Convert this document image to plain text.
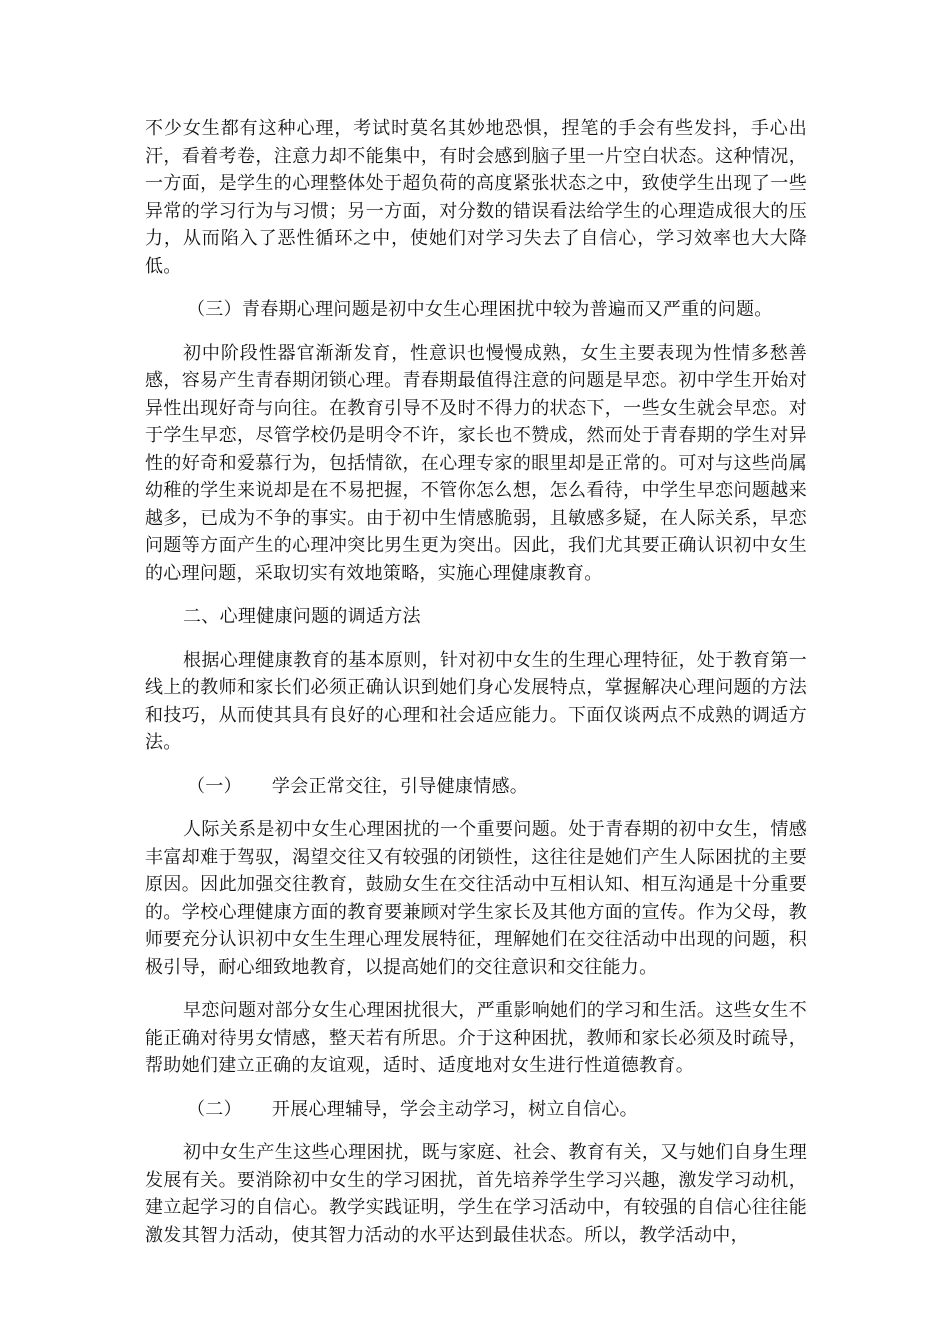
不少女生都有这种心理，考试时莫名其妙地恐惧，捏笔的手会有些发抖，手心出汗，看着考卷，注意力却不能集中，有时会感到脑子里一片空白状态。这种情况，一方面，是学生的心理整体处于超负荷的高度紧张状态之中，致使学生出现了一些异常的学习行为与习惯；另一方面，对分数的错误看法给学生的心理造成很大的压力，从而陷入了恶性循环之中，使她们对学习失去了自信心，学习效率也大大降低。

（三）青春期心理问题是初中女生心理困扰中较为普遍而又严重的问题。

初中阶段性器官渐渐发育，性意识也慢慢成熟，女生主要表现为性情多愁善感，容易产生青春期闭锁心理。青春期最值得注意的问题是早恋。初中学生开始对异性出现好奇与向往。在教育引导不及时不得力的状态下，一些女生就会早恋。对于学生早恋，尽管学校仍是明令不许，家长也不赞成，然而处于青春期的学生对异性的好奇和爱慕行为，包括情欲，在心理专家的眼里却是正常的。可对与这些尚属幼稚的学生来说却是在不易把握，不管你怎么想，怎么看待，中学生早恋问题越来越多，已成为不争的事实。由于初中生情感脆弱，且敏感多疑，在人际关系，早恋问题等方面产生的心理冲突比男生更为突出。因此，我们尤其要正确认识初中女生的心理问题，采取切实有效地策略，实施心理健康教育。

二、心理健康问题的调适方法

根据心理健康教育的基本原则，针对初中女生的生理心理特征，处于教育第一线上的教师和家长们必须正确认识到她们身心发展特点，掌握解决心理问题的方法和技巧，从而使其具有良好的心理和社会适应能力。下面仅谈两点不成熟的调适方法。

（一） 学会正常交往，引导健康情感。

人际关系是初中女生心理困扰的一个重要问题。处于青春期的初中女生，情感丰富却难于驾驭，渴望交往又有较强的闭锁性，这往往是她们产生人际困扰的主要原因。因此加强交往教育，鼓励女生在交往活动中互相认知、相互沟通是十分重要的。学校心理健康方面的教育要兼顾对学生家长及其他方面的宣传。作为父母，教师要充分认识初中女生生理心理发展特征，理解她们在交往活动中出现的问题，积极引导，耐心细致地教育，以提高她们的交往意识和交往能力。

早恋问题对部分女生心理困扰很大，严重影响她们的学习和生活。这些女生不能正确对待男女情感，整天若有所思。介于这种困扰，教师和家长必须及时疏导，帮助她们建立正确的友谊观，适时、适度地对女生进行性道德教育。

（二） 开展心理辅导，学会主动学习，树立自信心。

初中女生产生这些心理困扰，既与家庭、社会、教育有关，又与她们自身生理发展有关。要消除初中女生的学习困扰，首先培养学生学习兴趣，激发学习动机，建立起学习的自信心。教学实践证明，学生在学习活动中，有较强的自信心往往能激发其智力活动，使其智力活动的水平达到最佳状态。所以，教学活动中，
